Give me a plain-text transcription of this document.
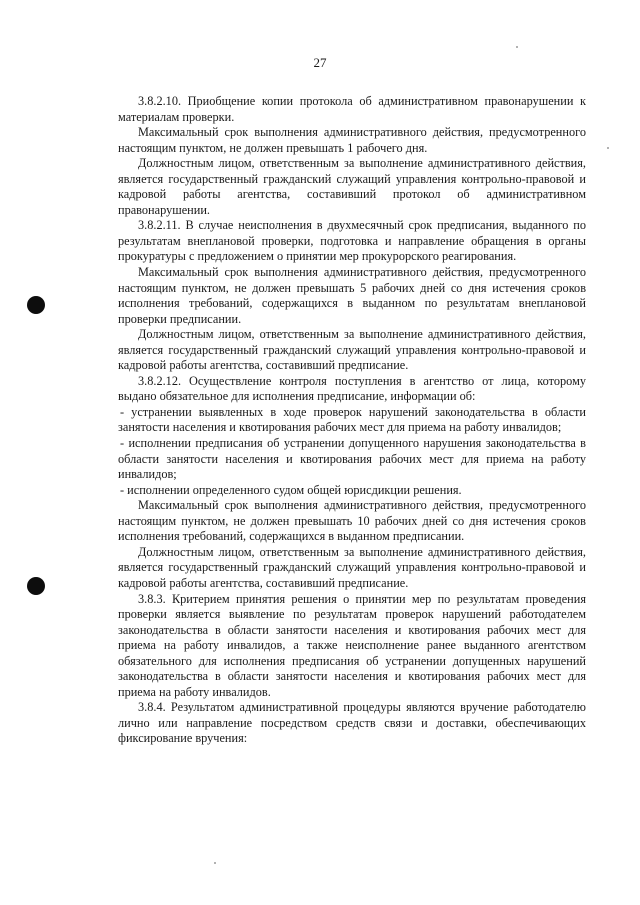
27

3.8.2.10. Приобщение копии протокола об административном правонарушении к материалам проверки.

Максимальный срок выполнения административного действия, предусмотренного настоящим пунктом, не должен превышать 1 рабочего дня.

Должностным лицом, ответственным за выполнение административного действия, является государственный гражданский служащий управления контрольно-правовой и кадровой работы агентства, составивший протокол об административном правонарушении.

3.8.2.11. В случае неисполнения в двухмесячный срок предписания, выданного по результатам внеплановой проверки, подготовка и направление обращения в органы прокуратуры с предложением о принятии мер прокурорского реагирования.

Максимальный срок выполнения административного действия, предусмотренного настоящим пунктом, не должен превышать 5 рабочих дней со дня истечения сроков исполнения требований, содержащихся в выданном по результатам внеплановой проверки предписании.

Должностным лицом, ответственным за выполнение административного действия, является государственный гражданский служащий управления контрольно-правовой и кадровой работы агентства, составивший предписание.

3.8.2.12. Осуществление контроля поступления в агентство от лица, которому выдано обязательное для исполнения предписание, информации об:

- устранении выявленных в ходе проверок нарушений законодательства в области занятости населения и квотирования рабочих мест для приема на работу инвалидов;

- исполнении предписания об устранении допущенного нарушения законодательства в области занятости населения и квотирования рабочих мест для приема на работу инвалидов;

- исполнении определенного судом общей юрисдикции решения.

Максимальный срок выполнения административного действия, предусмотренного настоящим пунктом, не должен превышать 10 рабочих дней со дня истечения сроков исполнения требований, содержащихся в выданном предписании.

Должностным лицом, ответственным за выполнение административного действия, является государственный гражданский служащий управления контрольно-правовой и кадровой работы агентства, составивший предписание.

3.8.3. Критерием принятия решения о принятии мер по результатам проведения проверки является выявление по результатам проверок нарушений работодателем законодательства в области занятости населения и квотирования рабочих мест для приема на работу инвалидов, а также неисполнение ранее выданного агентством обязательного для исполнения предписания об устранении допущенных нарушений законодательства в области занятости населения и квотирования рабочих мест для приема на работу инвалидов.

3.8.4. Результатом административной процедуры являются вручение работодателю лично или направление посредством средств связи и доставки, обеспечивающих фиксирование вручения:
